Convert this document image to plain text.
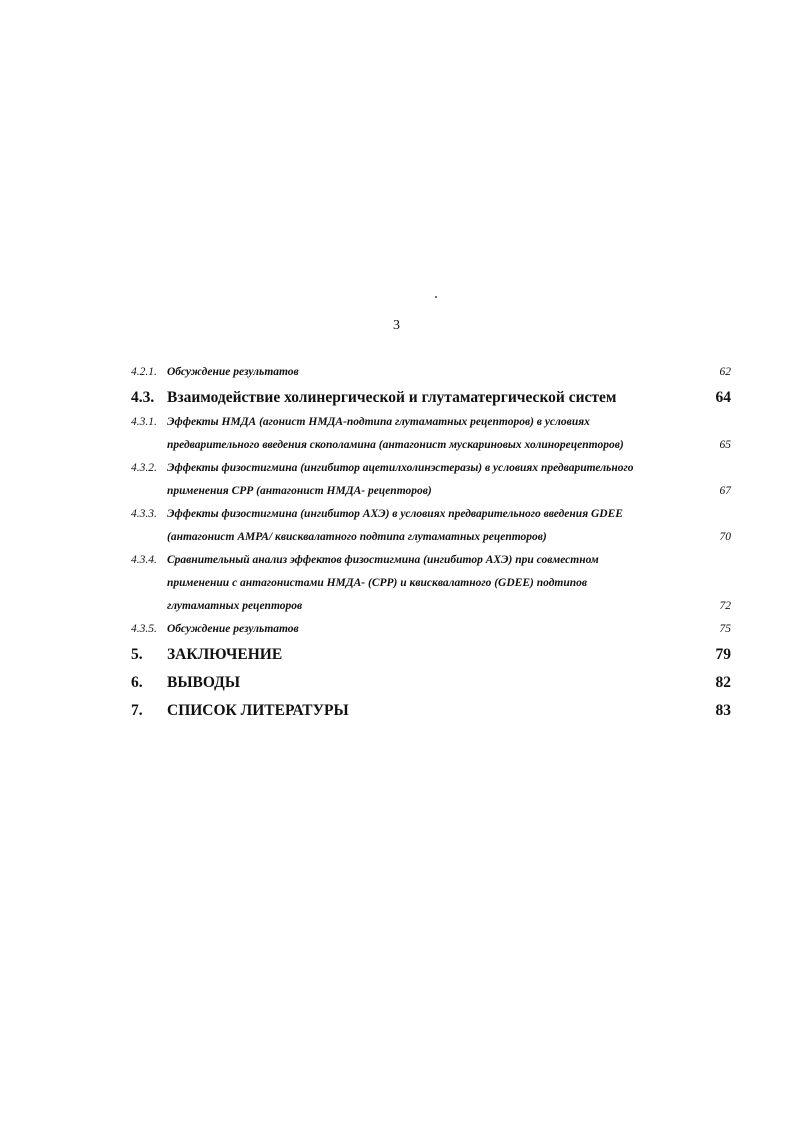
3
4.2.1. Обсуждение результатов	62
4.3. Взаимодействие холинергической и глутаматергической систем	64
4.3.1. Эффекты НМДА (агонист НМДА-подтипа глутаматных рецепторов) в условиях
предварительного введения скополамина (антагонист мускариновых холинорецепторов)	65
4.3.2. Эффекты физостигмина (ингибитор ацетилхолинэстеразы) в условиях предварительного
применения СРР (антагонист НМДА- рецепторов)	67
4.3.3. Эффекты физостигмина (ингибитор АХЭ) в условиях предварительного введения GDEE
(антагонист АМРА/ квисквалатного подтипа глутаматных рецепторов)	70
4.3.4. Сравнительный анализ эффектов физостигмина (ингибитор АХЭ) при совместном
применении с антагонистами НМДА- (СРР) и квисквалатного (GDEE) подтипов
глутаматных рецепторов	72
4.3.5. Обсуждение результатов	75
5. ЗАКЛЮЧЕНИЕ	79
6. ВЫВОДЫ	82
7. СПИСОК ЛИТЕРАТУРЫ	83
